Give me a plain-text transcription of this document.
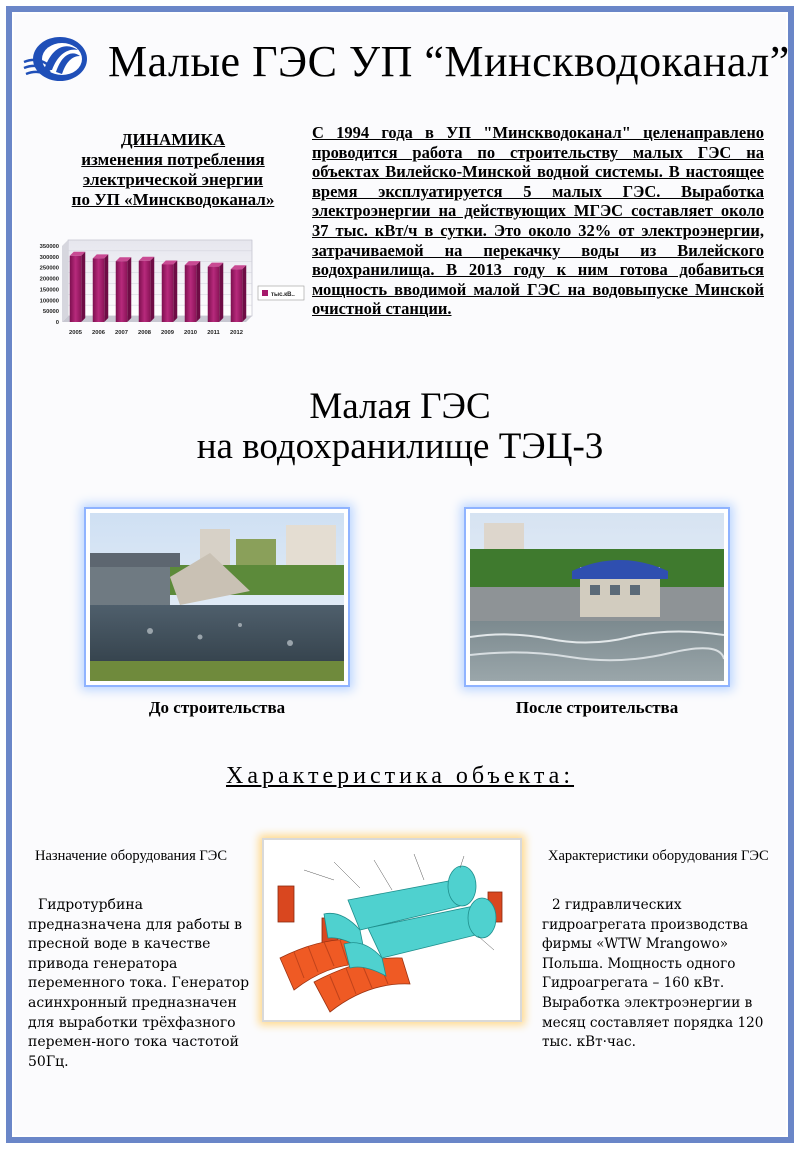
Малые ГЭС УП “Минскводоканал”
ДИНАМИКА
изменения потребления
электрической энергии
по УП «Минскводоканал»
350000
300000
250000
200000
150000
100000
50000
0
2005 2006 2007 2008 2009 2010 2011 2012
тыс.кВ..
С 1994 года в УП "Минскводоканал" целенаправлено проводится работа по строительству малых ГЭС на объектах Вилейско-Минской водной системы. В настоящее время эксплуатируется 5 малых ГЭС. Выработка электроэнергии на действующих МГЭС составляет около 37 тыс. кВт/ч в сутки. Это около 32% от электроэнергии, затрачиваемой на перекачку воды из Вилейского водохранилища. В 2013 году к ним готова добавиться мощность вводимой малой ГЭС на водовыпуске Минской очистной станции.
Малая ГЭС
на водохранилище ТЭЦ-3
До строительства	После строительства
Характеристика объекта:
Назначение оборудования ГЭС	Характеристики оборудования ГЭС
Гидротурбина предназначена для работы в пресной воде в качестве привода генератора переменного тока. Генератор асинхронный предназначен для выработки трёхфазного перемен-ного тока частотой 50Гц.
2 гидравлических гидроагрегата производства фирмы «WTW Mrangowo» Польша. Мощность одного Гидроагрегата – 160 кВт. Выработка электроэнергии в месяц составляет порядка 120 тыс. кВт·час.
